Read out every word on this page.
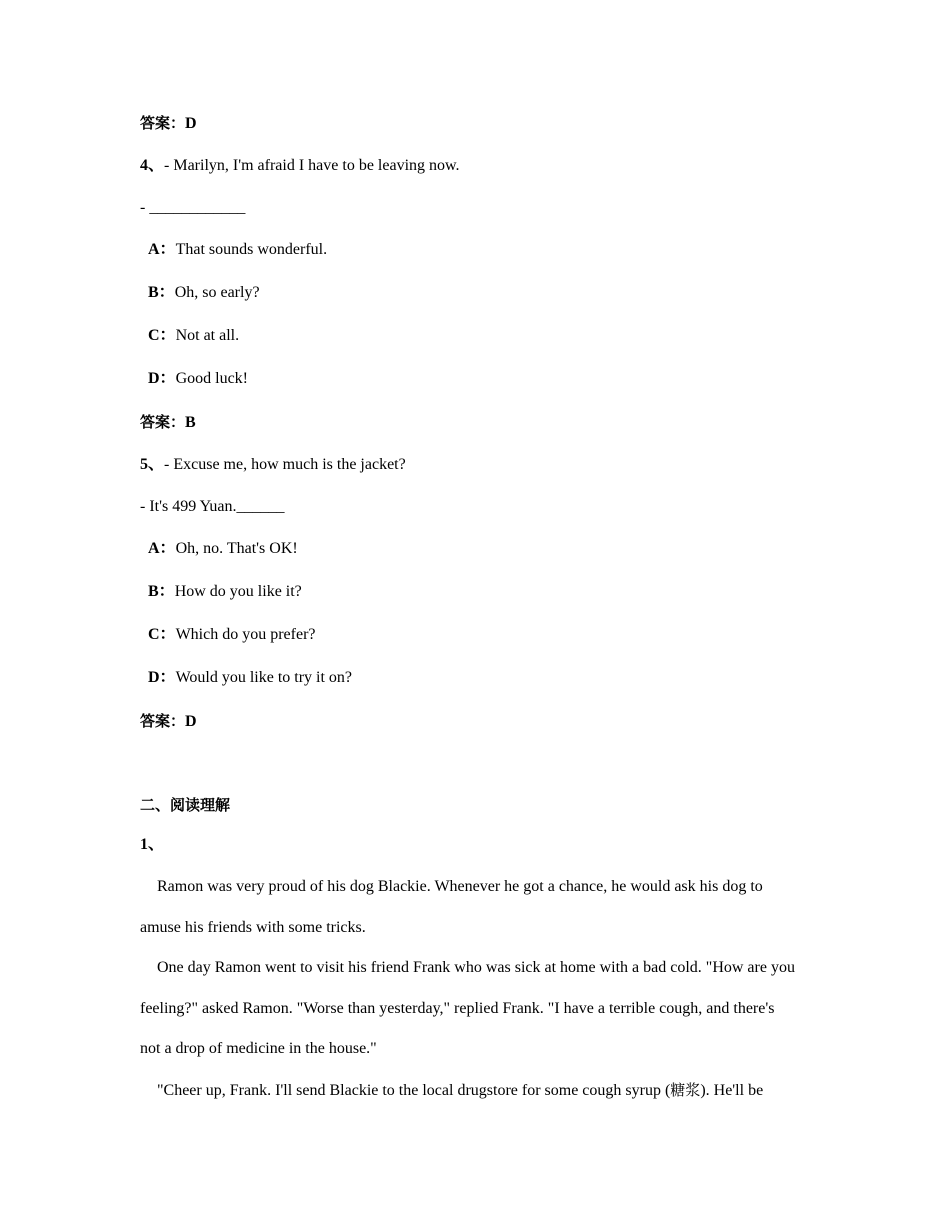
答案：D
4、- Marilyn, I'm afraid I have to be leaving now.
- ____________
A：That sounds wonderful.
B：Oh, so early?
C：Not at all.
D：Good luck!
答案：B
5、- Excuse me, how much is the jacket?
- It's 499 Yuan.______
A：Oh, no. That's OK!
B：How do you like it?
C：Which do you prefer?
D：Would you like to try it on?
答案：D
二、阅读理解
1、
Ramon was very proud of his dog Blackie. Whenever he got a chance, he would ask his dog to
amuse his friends with some tricks.
One day Ramon went to visit his friend Frank who was sick at home with a bad cold. "How are you
feeling?" asked Ramon. "Worse than yesterday," replied Frank. "I have a terrible cough, and there's
not a drop of medicine in the house."
"Cheer up, Frank. I'll send Blackie to the local drugstore for some cough syrup (糖浆). He'll be
